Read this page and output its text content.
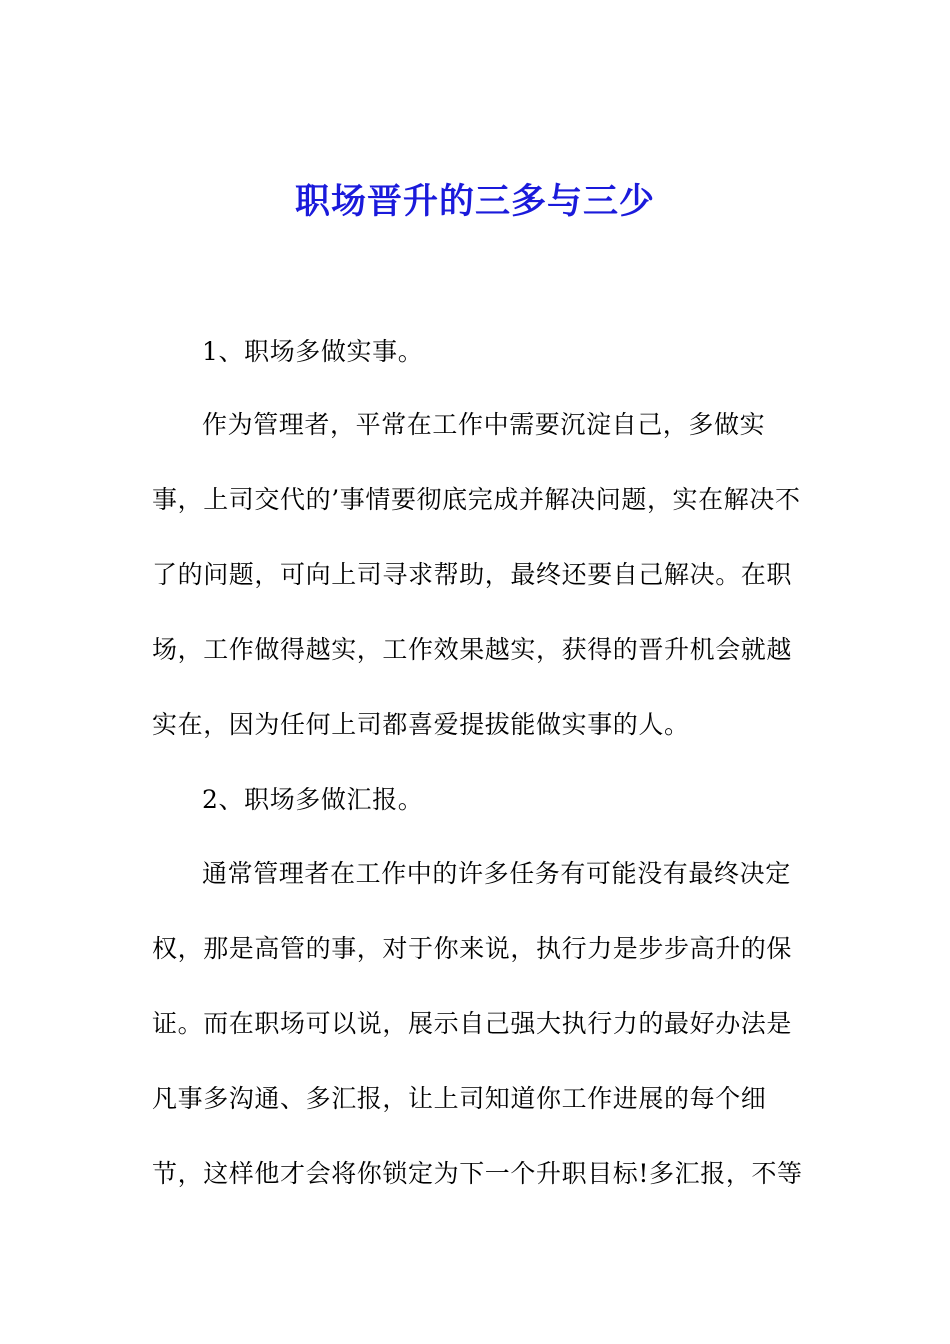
职场晋升的三多与三少
1、职场多做实事。
作为管理者，平常在工作中需要沉淀自己，多做实
事，上司交代的’事情要彻底完成并解决问题，实在解决不
了的问题，可向上司寻求帮助，最终还要自己解决。在职
场，工作做得越实，工作效果越实，获得的晋升机会就越
实在，因为任何上司都喜爱提拔能做实事的人。
2、职场多做汇报。
通常管理者在工作中的许多任务有可能没有最终决定
权，那是高管的事，对于你来说，执行力是步步高升的保
证。而在职场可以说，展示自己强大执行力的最好办法是
凡事多沟通、多汇报，让上司知道你工作进展的每个细
节，这样他才会将你锁定为下一个升职目标!多汇报，不等
